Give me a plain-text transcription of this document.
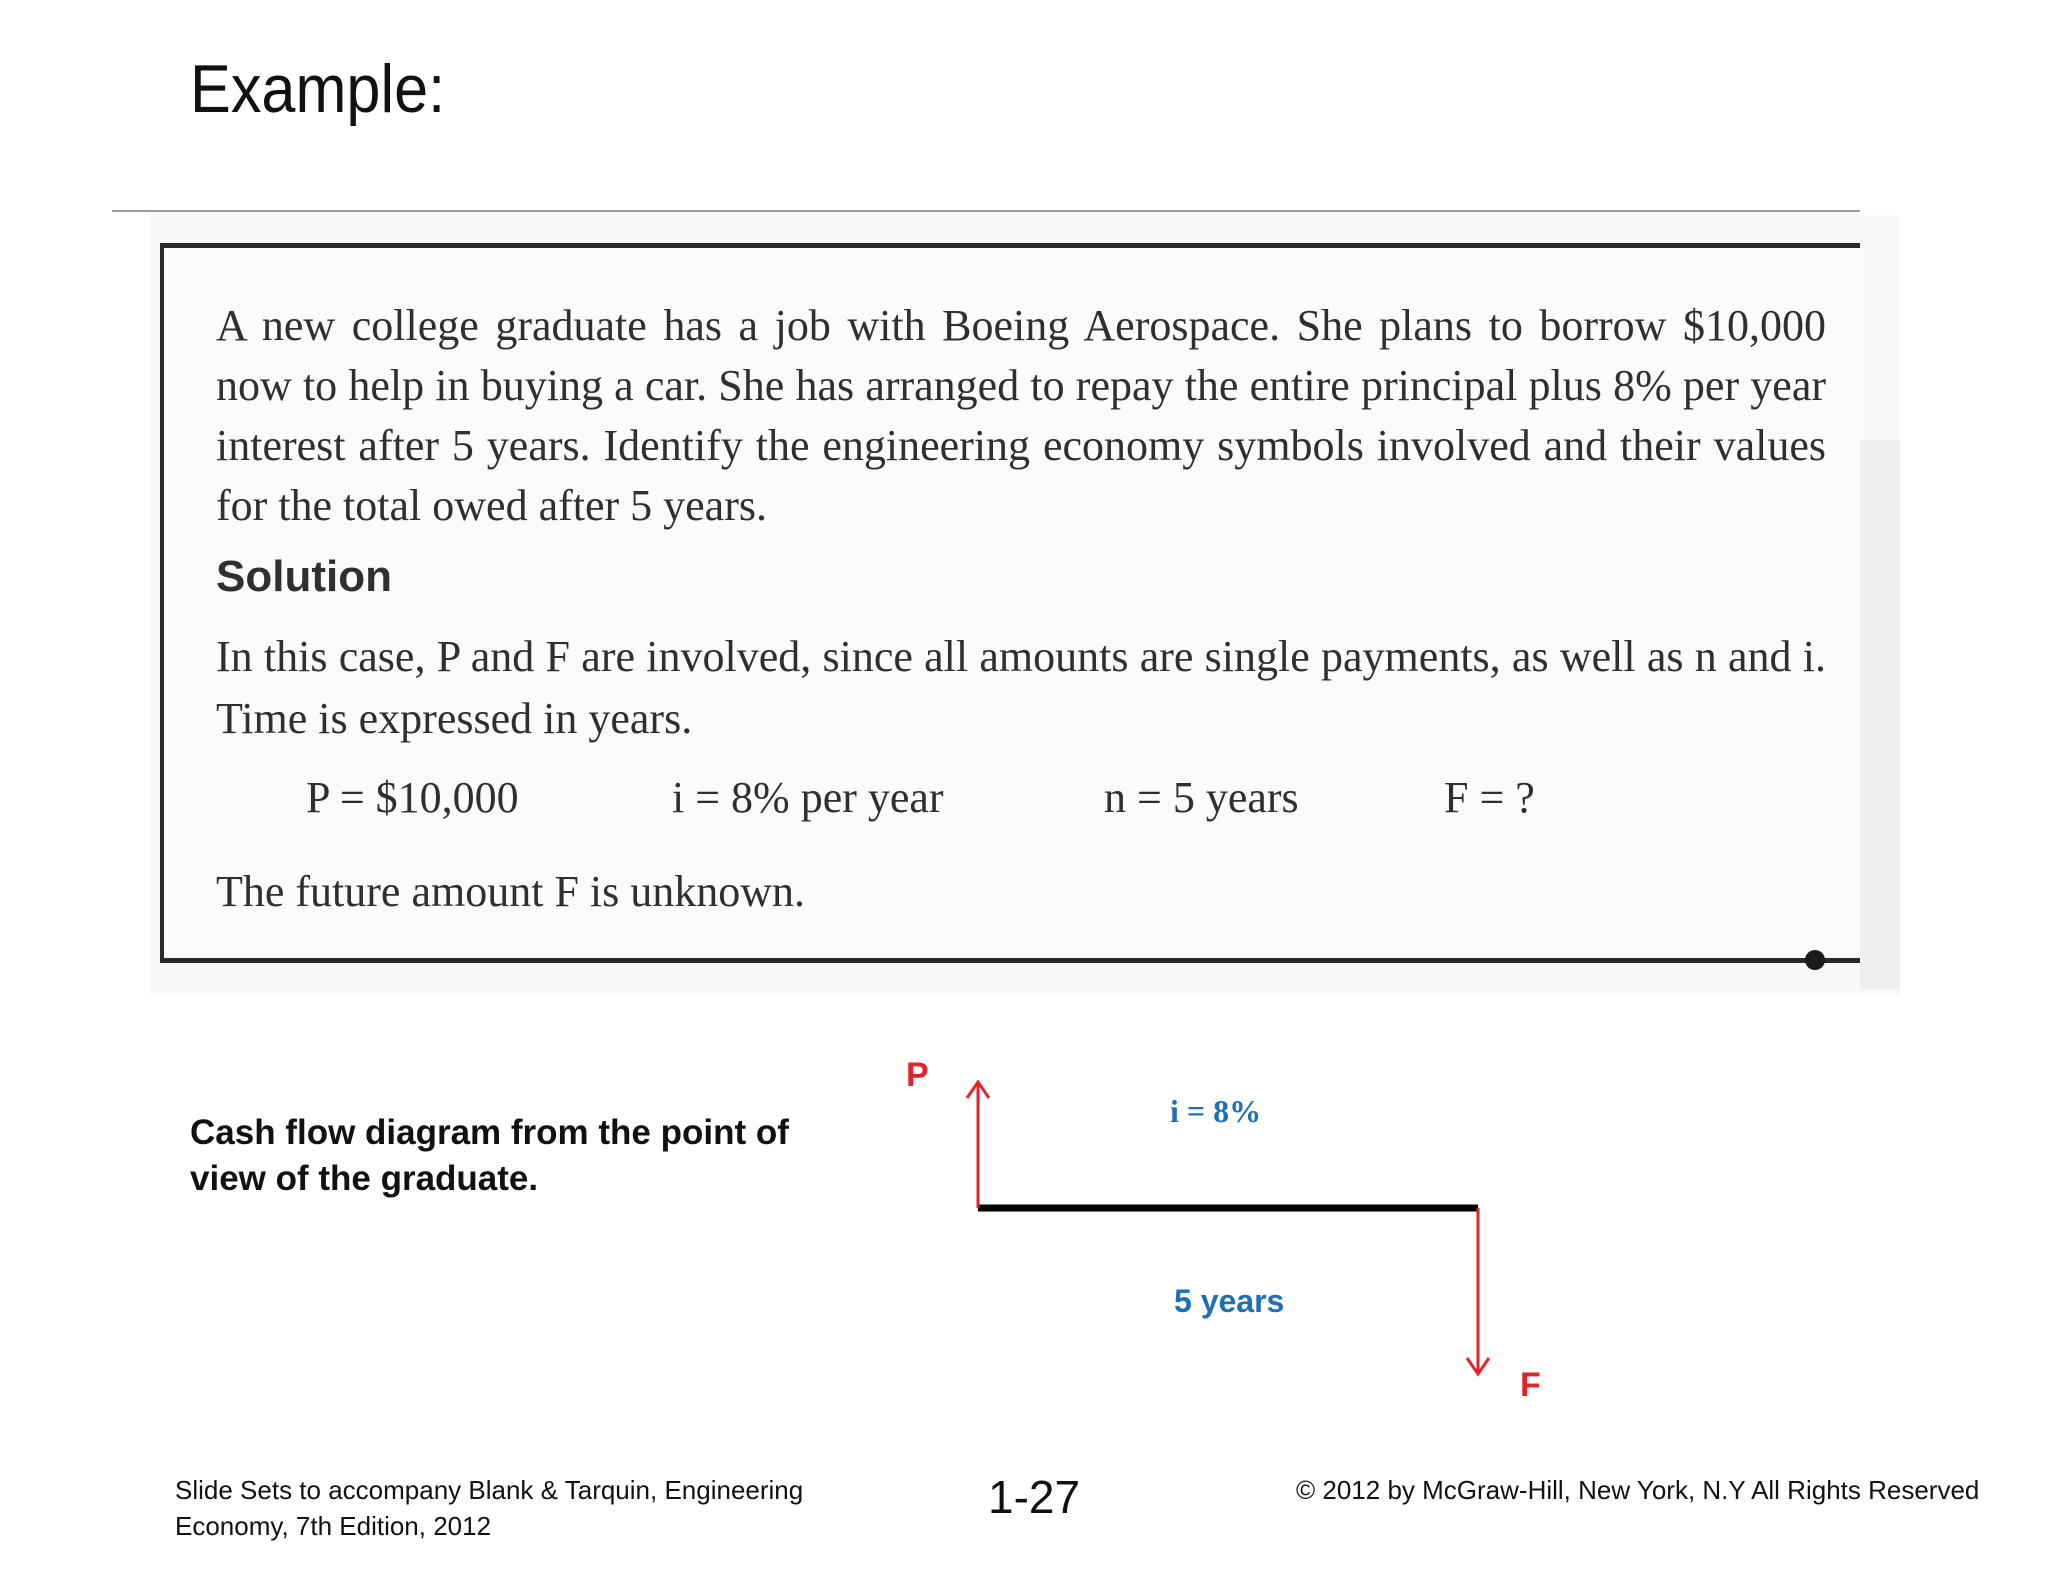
Example:
A new college graduate has a job with Boeing Aerospace. She plans to borrow $10,000 now to help in buying a car. She has arranged to repay the entire principal plus 8% per year interest after 5 years. Identify the engineering economy symbols involved and their values for the total owed after 5 years.
Solution
In this case, P and F are involved, since all amounts are single payments, as well as n and i. Time is expressed in years.
P = $10,000	i = 8% per year	n = 5 years	F = ?
The future amount F is unknown.
Cash flow diagram from the point of view of the graduate.
P
F
i = 8%
5 years
Slide Sets to accompany Blank & Tarquin, Engineering Economy, 7th Edition, 2012
1-27	© 2012 by McGraw-Hill, New York, N.Y All Rights Reserved
